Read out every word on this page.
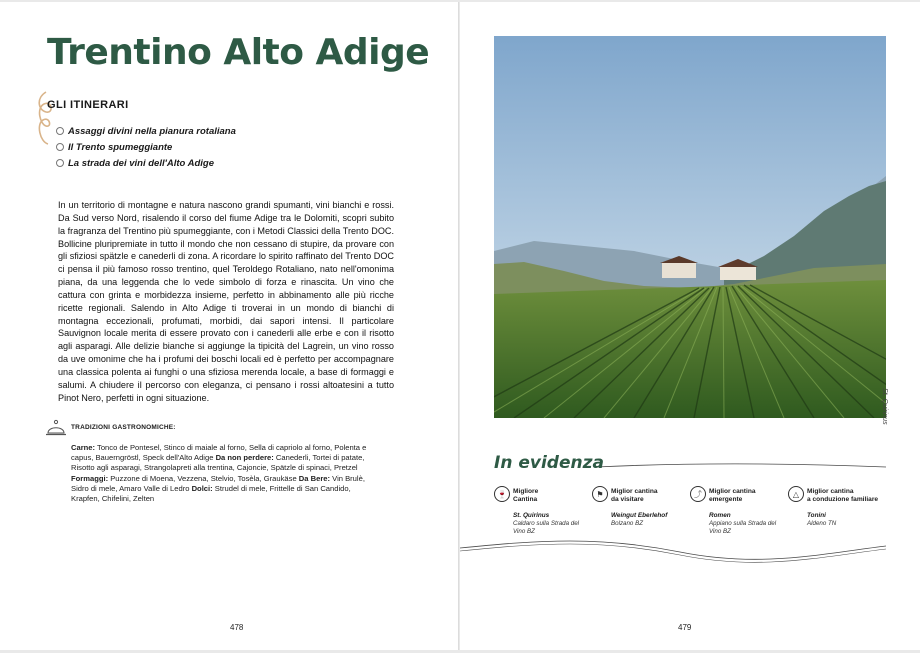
Trentino Alto Adige
GLI ITINERARI
Assaggi divini nella pianura rotaliana
Il Trento spumeggiante
La strada dei vini dell'Alto Adige

In un territorio di montagne e natura nascono grandi spumanti, vini bianchi e rossi. Da Sud verso Nord, risalendo il corso del fiume Adige tra le Dolomiti, scopri subito la fragranza del Trentino più spumeggiante, con i Metodi Classici della Trento DOC. Bollicine pluripremiate in tutto il mondo che non cessano di stupire, da provare con gli sfiziosi spätzle e canederli di zona. A ricordare lo spirito raffinato del Trento DOC ci pensa il più famoso rosso trentino, quel Teroldego Rotaliano, nato nell'omonima piana, da una leggenda che lo vede simbolo di forza e rinascita. Un vino che cattura con grinta e morbidezza insieme, perfetto in abbinamento alle più ricche ricette regionali. Salendo in Alto Adige ti troverai in un mondo di bianchi di montagna eccezionali, profumati, morbidi, dai sapori intensi. Il particolare Sauvignon locale merita di essere provato con i canederli alle erbe e con il risotto agli asparagi. Alle delizie bianche si aggiunge la tipicità del Lagrein, un vino rosso da uve omonime che ha i profumi dei boschi locali ed è perfetto per accompagnare una classica polenta ai funghi o una sfiziosa merenda locale, a base di formaggi e salumi. A chiudere il percorso con eleganza, ci pensano i rossi altoatesini a tutto Pinot Nero, perfetti in ogni situazione.

TRADIZIONI GASTRONOMICHE:

Carne: Tonco de Pontesel, Stinco di maiale al forno, Sella di capriolo al forno, Polenta e capus, Bauerngröstl, Speck dell'Alto Adige Da non perdere: Canederli, Tortei di patate, Risotto agli asparagi, Strangolapreti alla trentina, Cajoncie, Spätzle di spinaci, Pretzel Formaggi: Puzzone di Moena, Vezzena, Stelvio, Tosèla, Graukäse Da Bere: Vin Brulè, Sidro di mele, Amaro Valle di Ledro Dolci: Strudel di mele, Frittelle di San Candido, Krapfen, Chifelini, Zelten

478
St. Quirinus
In evidenza
🍷 Migliore
Cantina
St. Quirinus
Caldaro sulla Strada del Vino BZ
⚑	Miglior cantina
da visitare
Weingut Eberlehof
Bolzano BZ
⤴	Miglior cantina
emergente
Romen
Appiano sulla Strada del Vino BZ
△	Miglior cantina
a conduzione familiare
Tonini
Aldeno TN
479
